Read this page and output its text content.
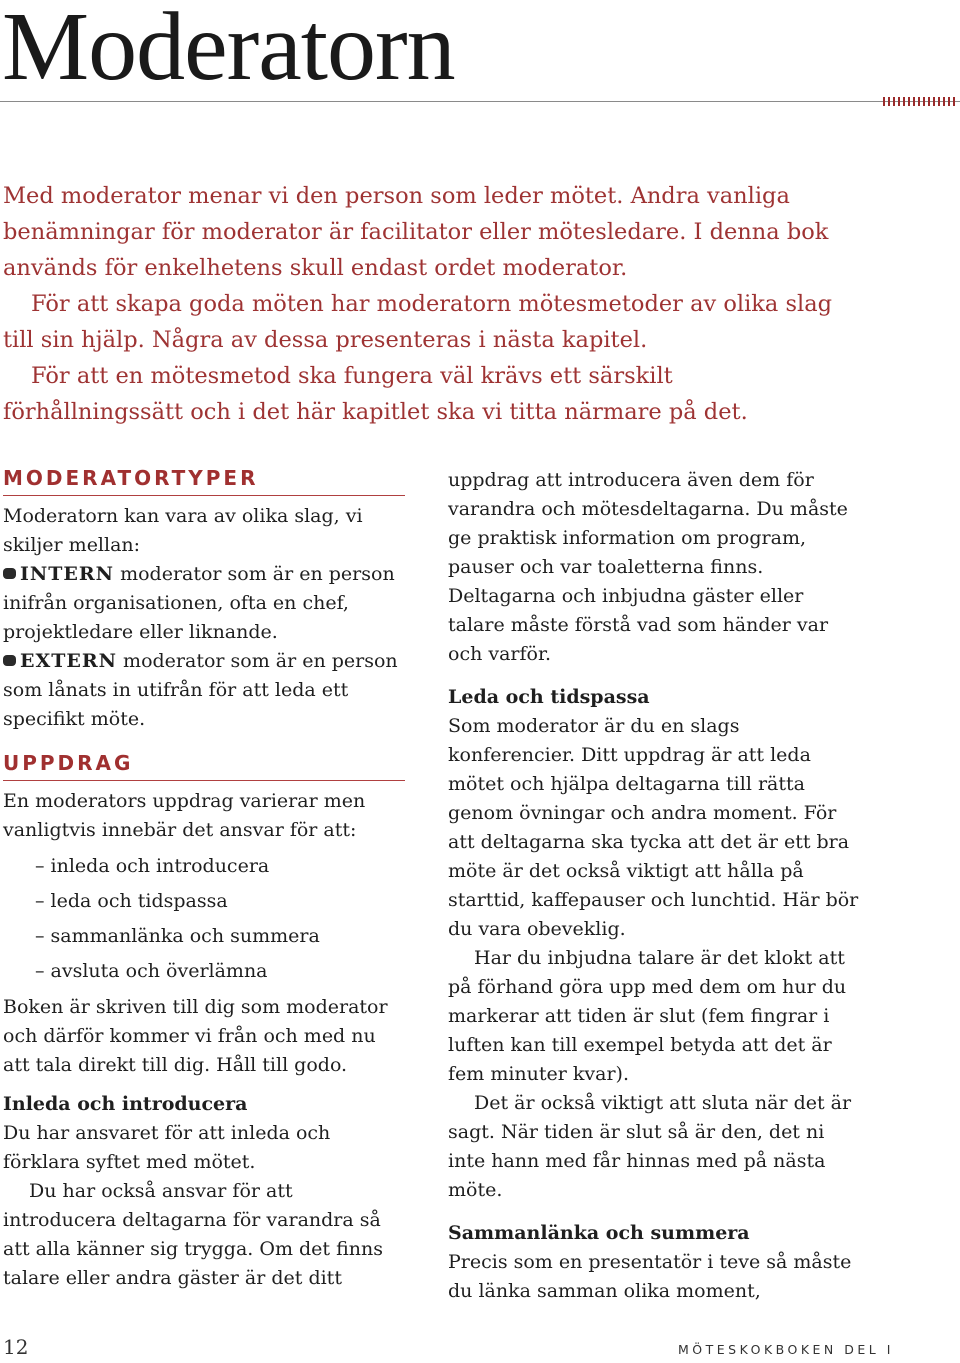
Moderatorn

Med moderator menar vi den person som leder mötet. Andra vanliga benämningar för moderator är facilitator eller mötesledare. I denna bok används för enkelhetens skull endast ordet moderator.

För att skapa goda möten har moderatorn mötesmetoder av olika slag till sin hjälp. Några av dessa presenteras i nästa kapitel.

För att en mötesmetod ska fungera väl krävs ett särskilt förhållningssätt och i det här kapitlet ska vi titta närmare på det.

MODERATORTYPER

Moderatorn kan vara av olika slag, vi skiljer mellan:

INTERN moderator som är en person inifrån organisationen, ofta en chef, projektledare eller liknande.

EXTERN moderator som är en person som lånats in utifrån för att leda ett specifikt möte.

UPPDRAG

En moderators uppdrag varierar men vanligtvis innebär det ansvar för att:

– inleda och introducera
– leda och tidspassa
– sammanlänka och summera
– avsluta och överlämna

Boken är skriven till dig som moderator och därför kommer vi från och med nu att tala direkt till dig. Håll till godo.

Inleda och introducera

Du har ansvaret för att inleda och förklara syftet med mötet.

Du har också ansvar för att introducera deltagarna för varandra så att alla känner sig trygga. Om det finns talare eller andra gäster är det ditt

uppdrag att introducera även dem för varandra och mötesdeltagarna. Du måste ge praktisk information om program, pauser och var toaletterna finns. Deltagarna och inbjudna gäster eller talare måste förstå vad som händer var och varför.

Leda och tidspassa

Som moderator är du en slags konferencier. Ditt uppdrag är att leda mötet och hjälpa deltagarna till rätta genom övningar och andra moment. För att deltagarna ska tycka att det är ett bra möte är det också viktigt att hålla på starttid, kaffepauser och lunchtid. Här bör du vara obeveklig.

Har du inbjudna talare är det klokt att på förhand göra upp med dem om hur du markerar att tiden är slut (fem fingrar i luften kan till exempel betyda att det är fem minuter kvar).

Det är också viktigt att sluta när det är sagt. När tiden är slut så är den, det ni inte hann med får hinnas med på nästa möte.

Sammanlänka och summera

Precis som en presentatör i teve så måste du länka samman olika moment,

12	MÖTESKOKBOKEN DEL I
